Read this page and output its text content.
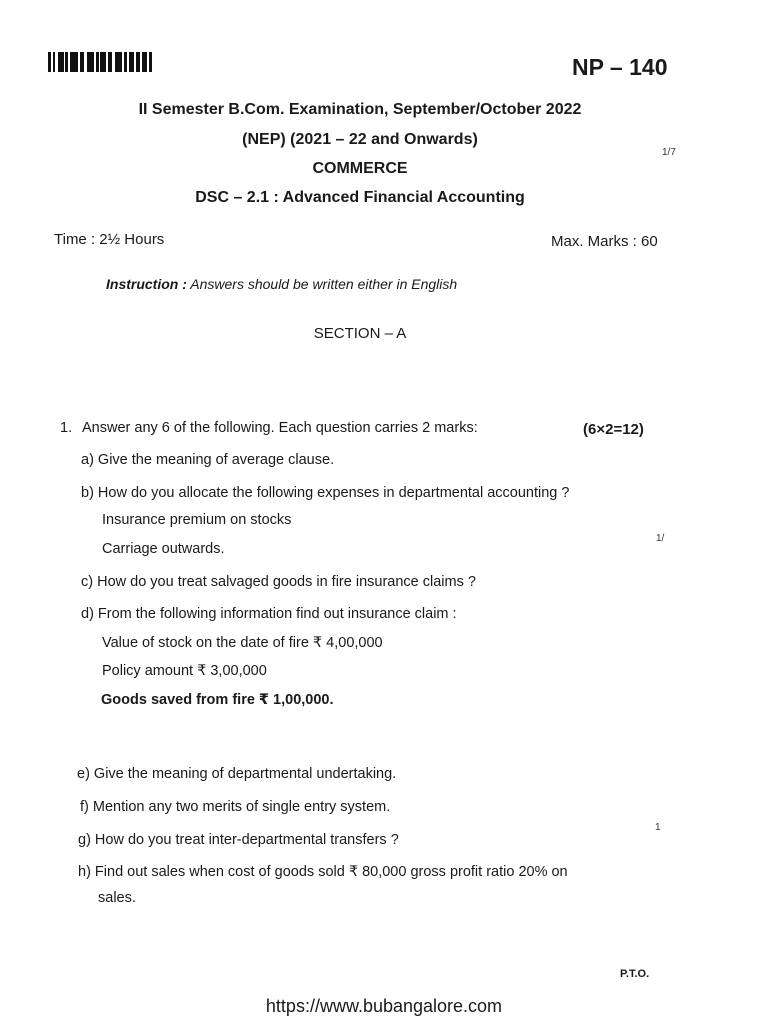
NP – 140
II Semester B.Com. Examination, September/October 2022
(NEP) (2021 – 22 and Onwards)
COMMERCE
DSC – 2.1 : Advanced Financial Accounting
1/7
Time : 2½ Hours	Max. Marks : 60
Instruction : Answers should be written either in English
SECTION – A
1. Answer any 6 of the following. Each question carries 2 marks:	(6×2=12)
a) Give the meaning of average clause.
b) How do you allocate the following expenses in departmental accounting ?
Insurance premium on stocks
Carriage outwards.
1/
c) How do you treat salvaged goods in fire insurance claims ?
d) From the following information find out insurance claim :
Value of stock on the date of fire ₹ 4,00,000
Policy amount ₹ 3,00,000
Goods saved from fire ₹ 1,00,000.
e) Give the meaning of departmental undertaking.
f) Mention any two merits of single entry system.
g) How do you treat inter-departmental transfers ?
1
h) Find out sales when cost of goods sold ₹ 80,000 gross profit ratio 20% on
sales.
P.T.O.
https://www.bubangalore.com
